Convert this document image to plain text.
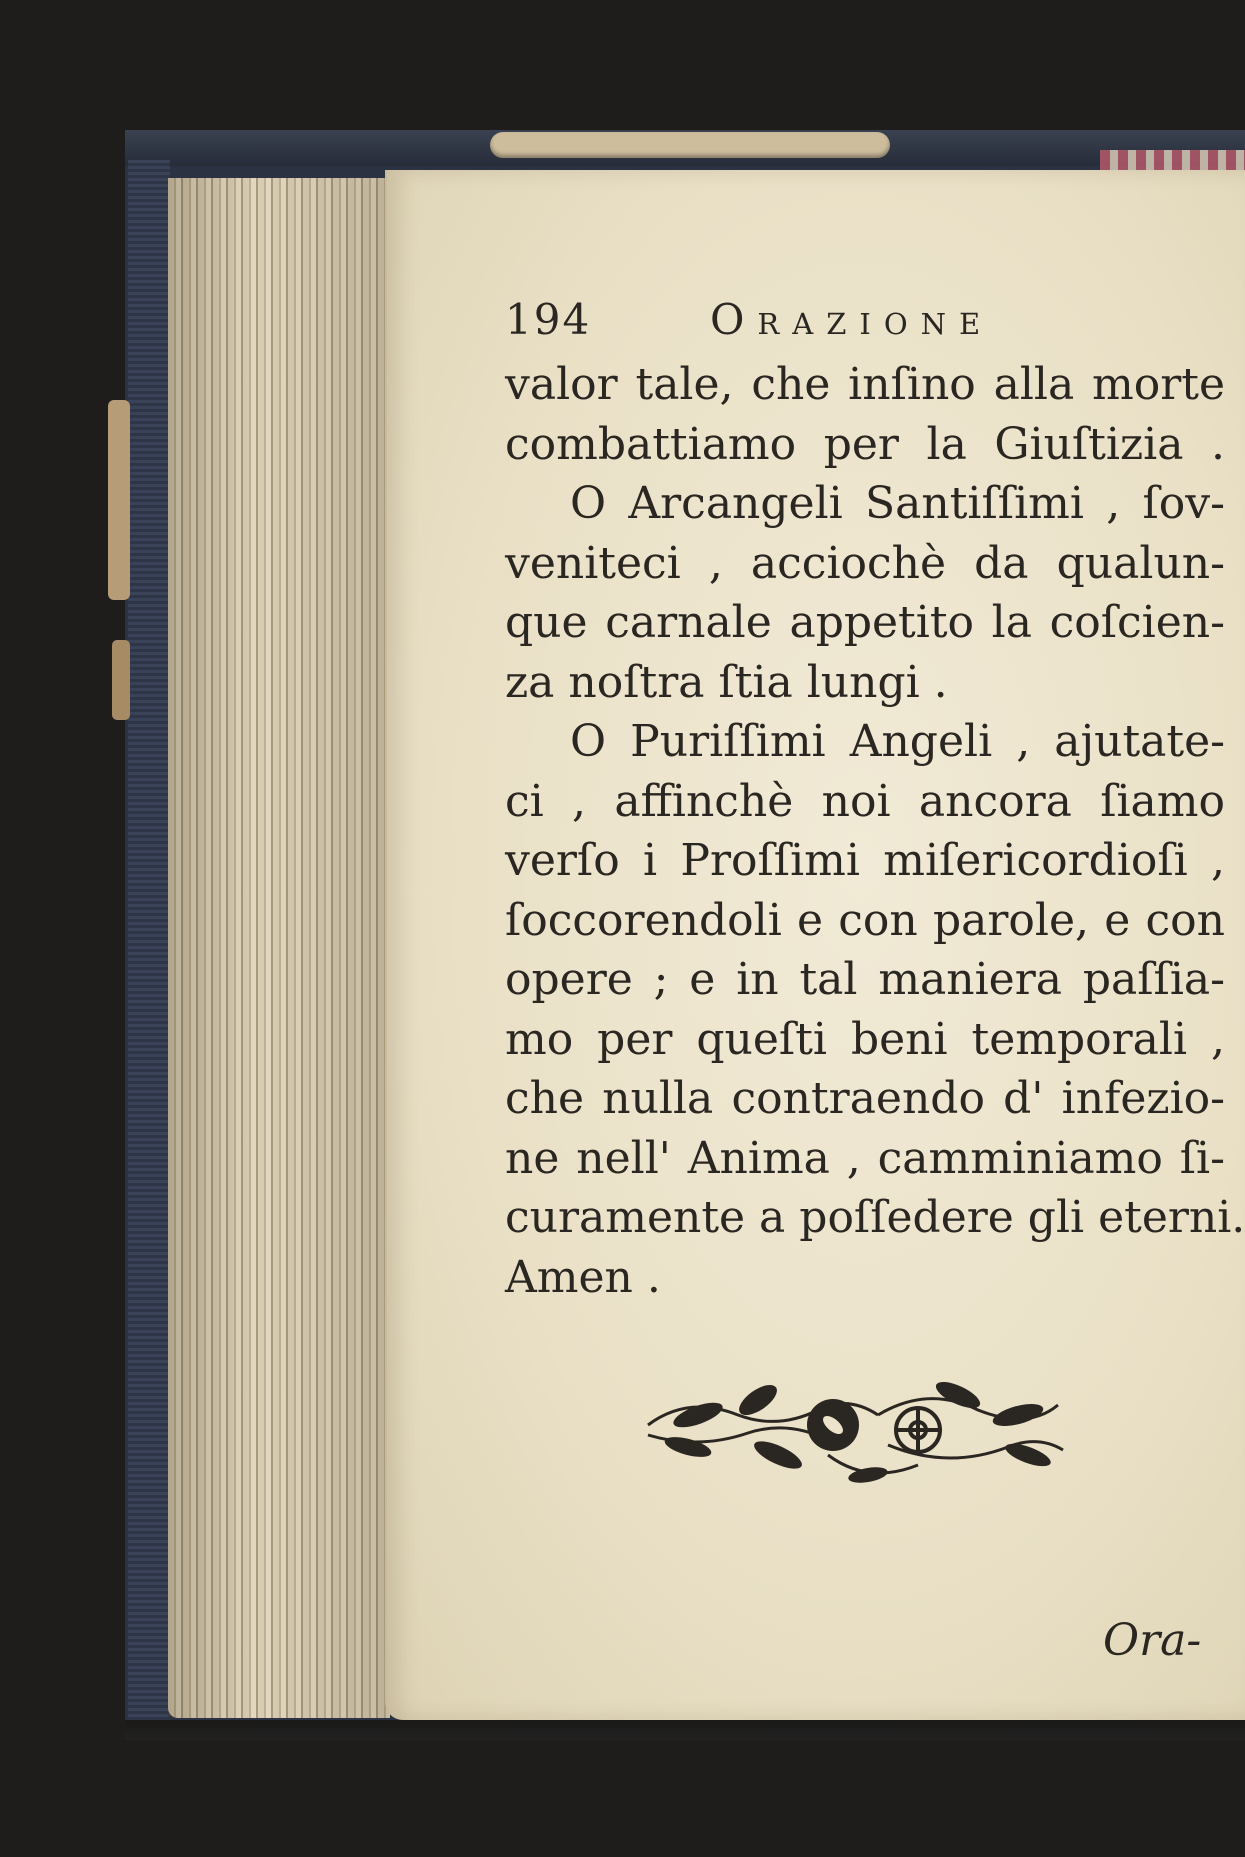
194	Orazione
valor tale, che inſino alla morte
combattiamo per la Giuſtizia .
O Arcangeli Santiſſimi , ſov-
veniteci , acciochè da qualun-
que carnale appetito la coſcien-
za noſtra ſtia lungi .
O Puriſſimi Angeli , ajutate-
ci , affinchè noi ancora ſiamo
verſo i Proſſimi miſericordioſi ,
ſoccorendoli e con parole, e con
opere ; e in tal maniera paſſia-
mo per queſti beni temporali ,
che nulla contraendo d' infezio-
ne nell' Anima , camminiamo ſi-
curamente a poſſedere gli eterni.
Amen .
Ora-
